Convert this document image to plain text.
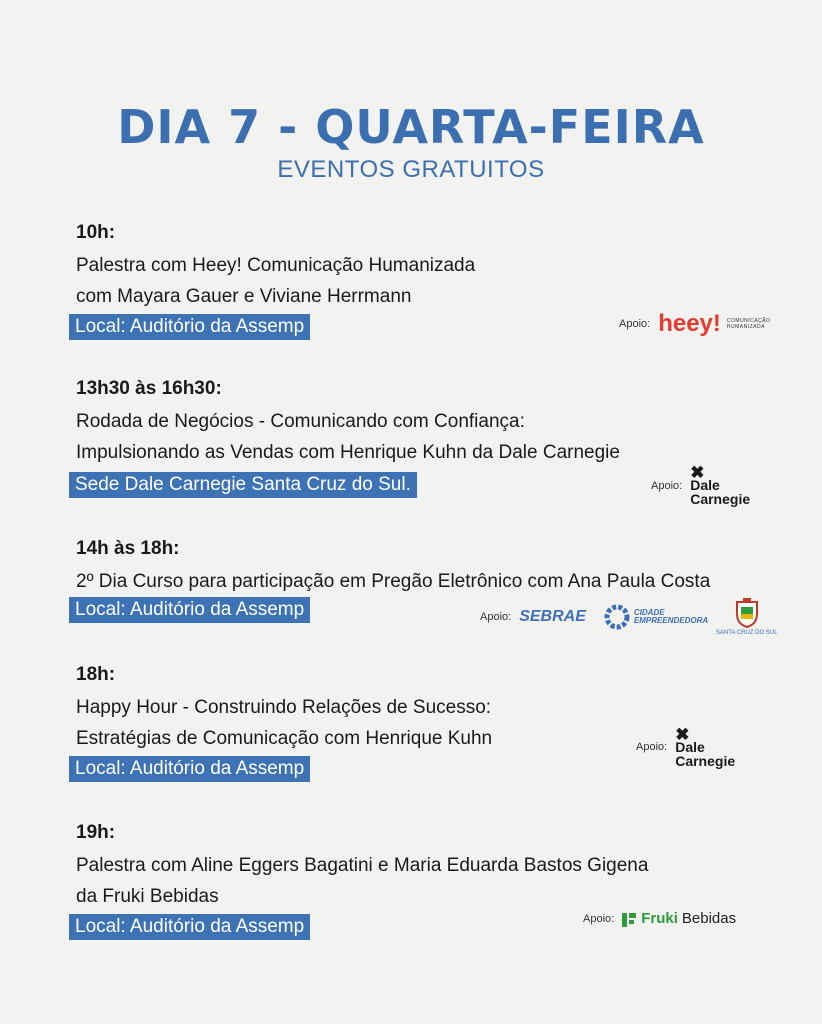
DIA 7 - QUARTA-FEIRA
EVENTOS GRATUITOS
10h:
Palestra com Heey! Comunicação Humanizada
com Mayara Gauer e Viviane Herrmann
Local: Auditório da Assemp	Apoio: heey! COMUNICAÇÃO HUMANIZADA
13h30 às 16h30:
Rodada de Negócios - Comunicando com Confiança:
Impulsionando as Vendas com Henrique Kuhn da Dale Carnegie
Sede Dale Carnegie Santa Cruz do Sul.	Apoio:
✖
Dale Carnegie
14h às 18h:
2º Dia Curso para participação em Pregão Eletrônico com Ana Paula Costa
Local: Auditório da Assemp	Apoio: SEBRAE	CIDADE EMPREENDEDORA
SANTA CRUZ DO SUL
18h:
Happy Hour - Construindo Relações de Sucesso:
Estratégias de Comunicação com Henrique Kuhn
Local: Auditório da Assemp
Apoio:
✖
Dale Carnegie
19h:
Palestra com Aline Eggers Bagatini e Maria Eduarda Bastos Gigena
da Fruki Bebidas
Local: Auditório da Assemp	Apoio: Fruki Bebidas
